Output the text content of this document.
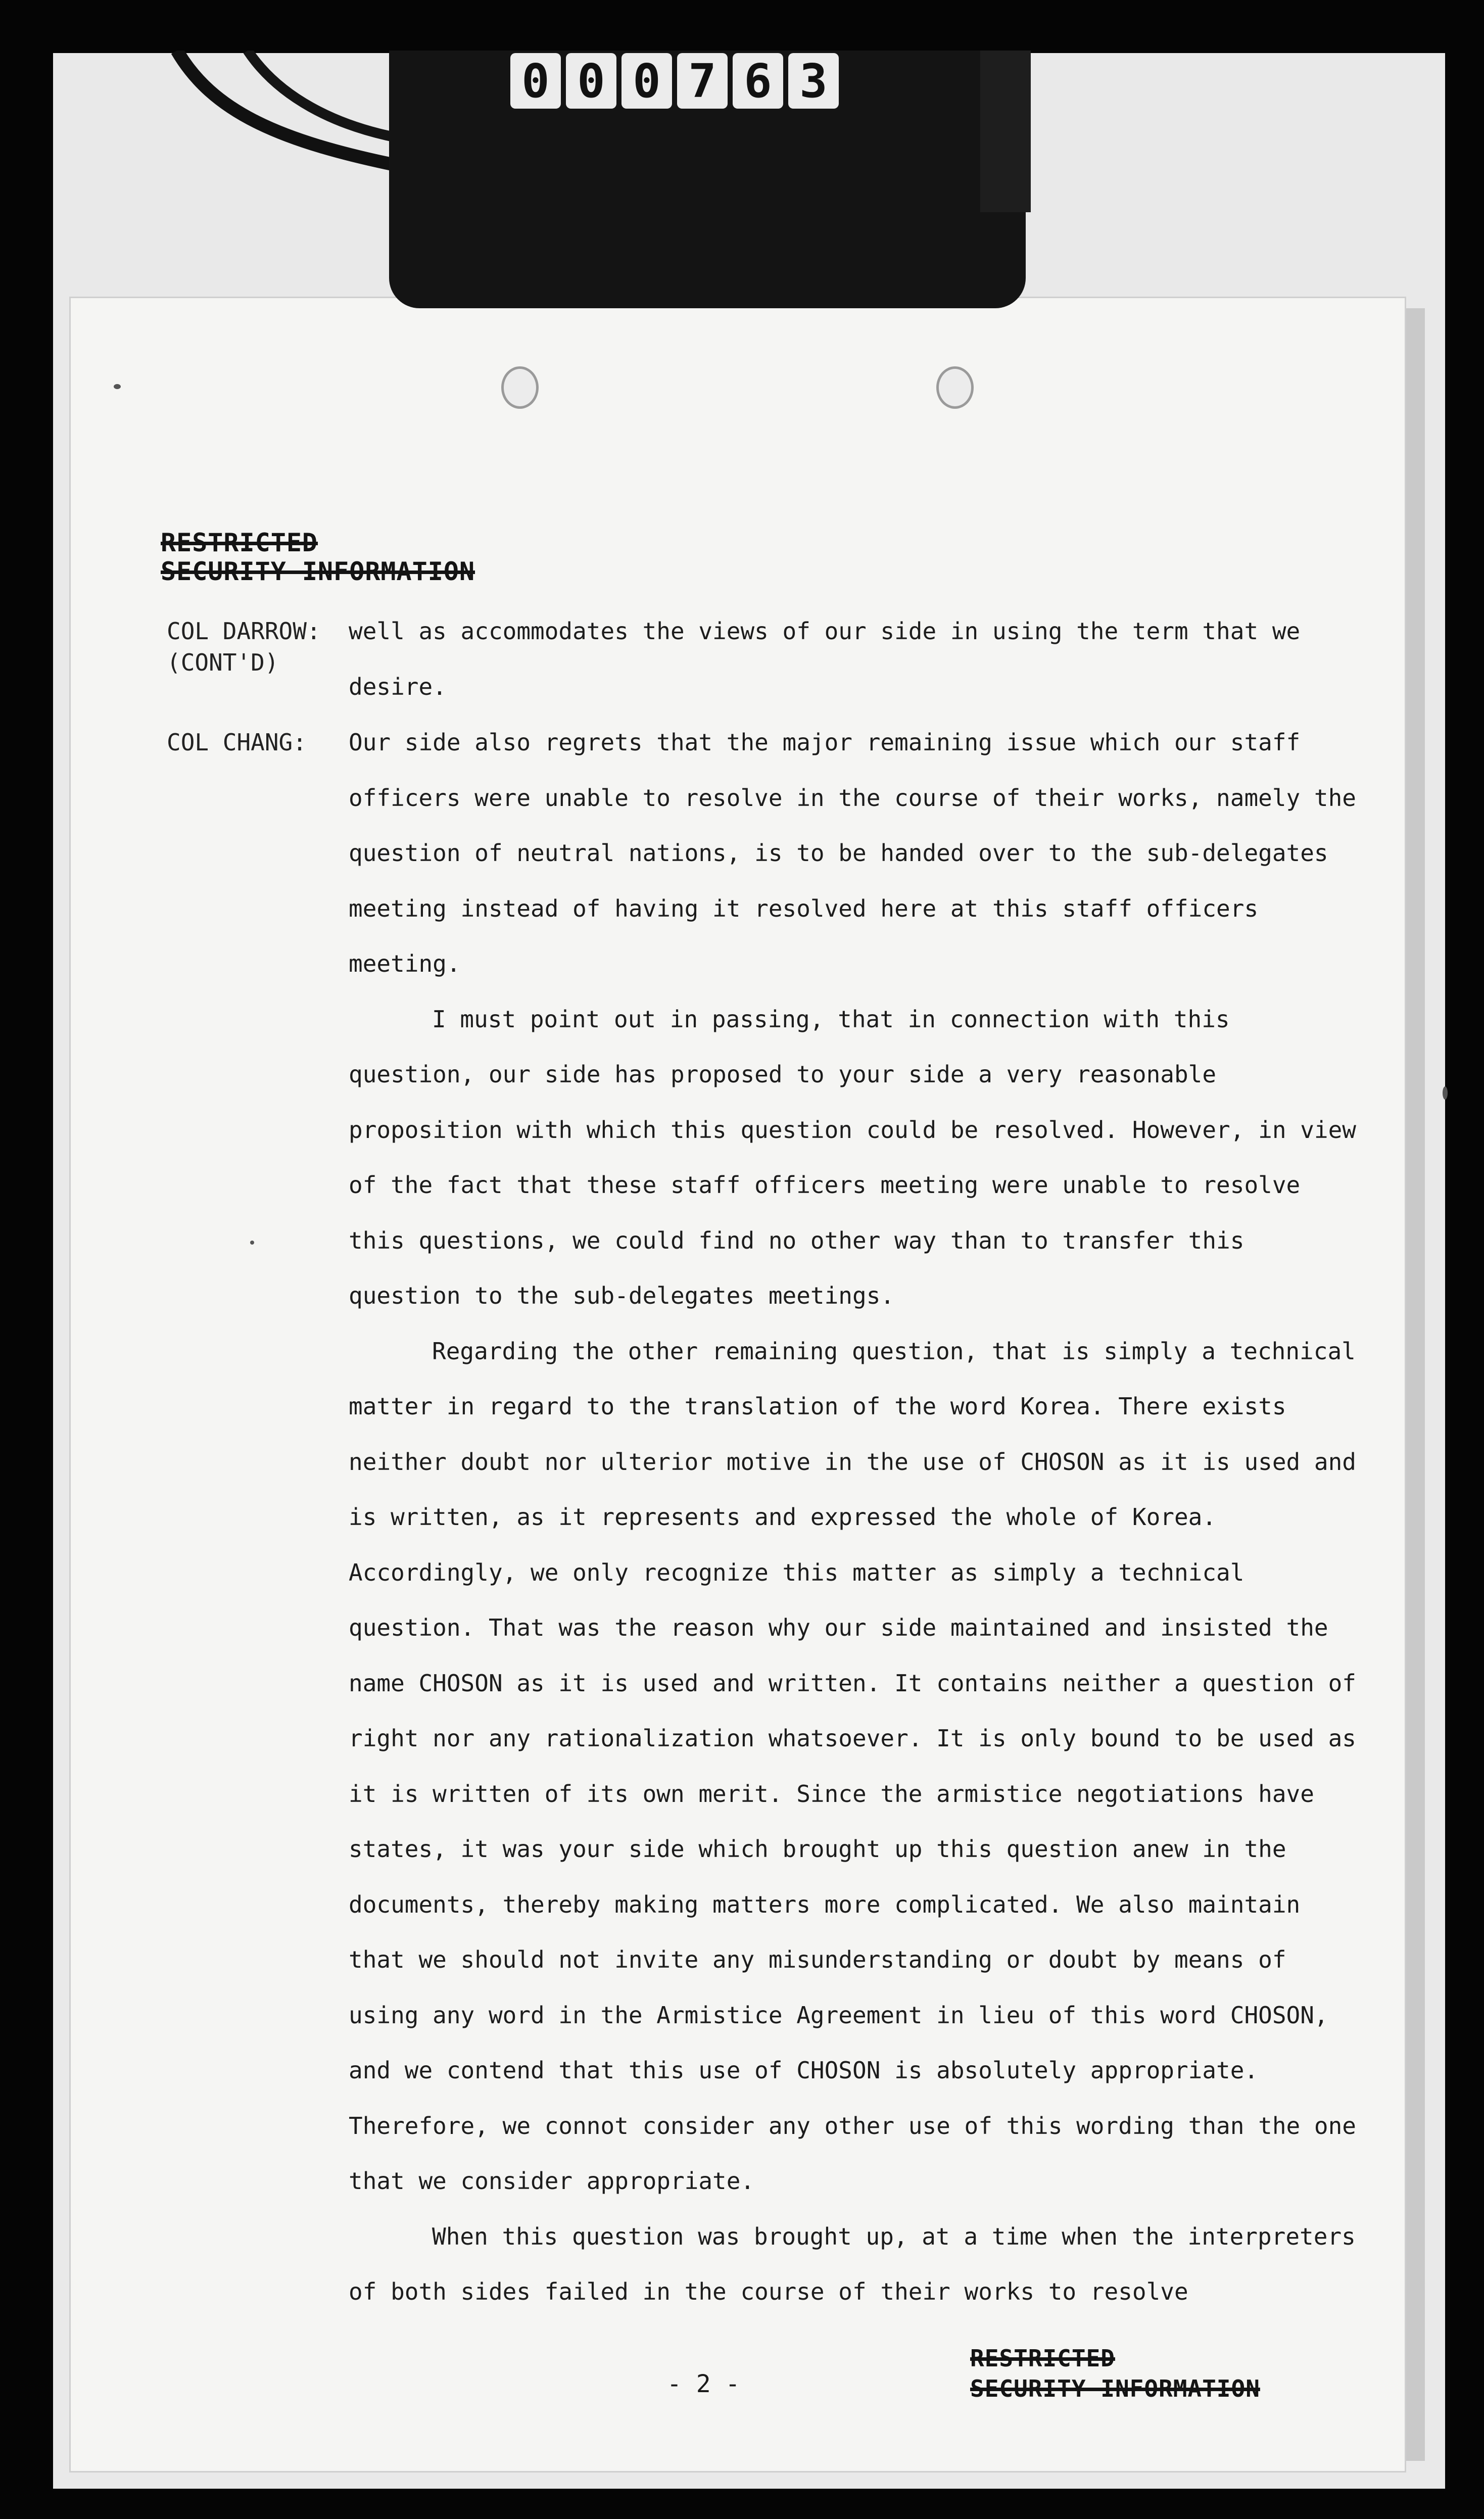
0 0 0 7 6 3
RESTRICTED
SECURITY INFORMATION
COL DARROW:
(CONT'D)
COL CHANG:

well as accommodates the views of our side in using the term that we desire.

Our side also regrets that the major remaining issue which our staff officers were unable to resolve in the course of their works, namely the question of neutral nations, is to be handed over to the sub-delegates meeting instead of having it resolved here at this staff officers meeting.

I must point out in passing, that in connection with this question, our side has proposed to your side a very reasonable proposition with which this question could be resolved. However, in view of the fact that these staff officers meeting were unable to resolve this questions, we could find no other way than to transfer this question to the sub-delegates meetings.

Regarding the other remaining question, that is simply a technical matter in regard to the translation of the word Korea. There exists neither doubt nor ulterior motive in the use of CHOSON as it is used and is written, as it represents and expressed the whole of Korea. Accordingly, we only recognize this matter as simply a technical question. That was the reason why our side maintained and insisted the name CHOSON as it is used and written. It contains neither a question of right nor any rationalization whatsoever. It is only bound to be used as it is written of its own merit. Since the armistice negotiations have states, it was your side which brought up this question anew in the documents, thereby making matters more complicated. We also maintain that we should not invite any misunderstanding or doubt by means of using any word in the Armistice Agreement in lieu of this word CHOSON, and we contend that this use of CHOSON is absolutely appropriate. Therefore, we connot consider any other use of this wording than the one that we consider appropriate.

When this question was brought up, at a time when the interpreters of both sides failed in the course of their works to resolve

- 2 -
RESTRICTED
SECURITY INFORMATION
